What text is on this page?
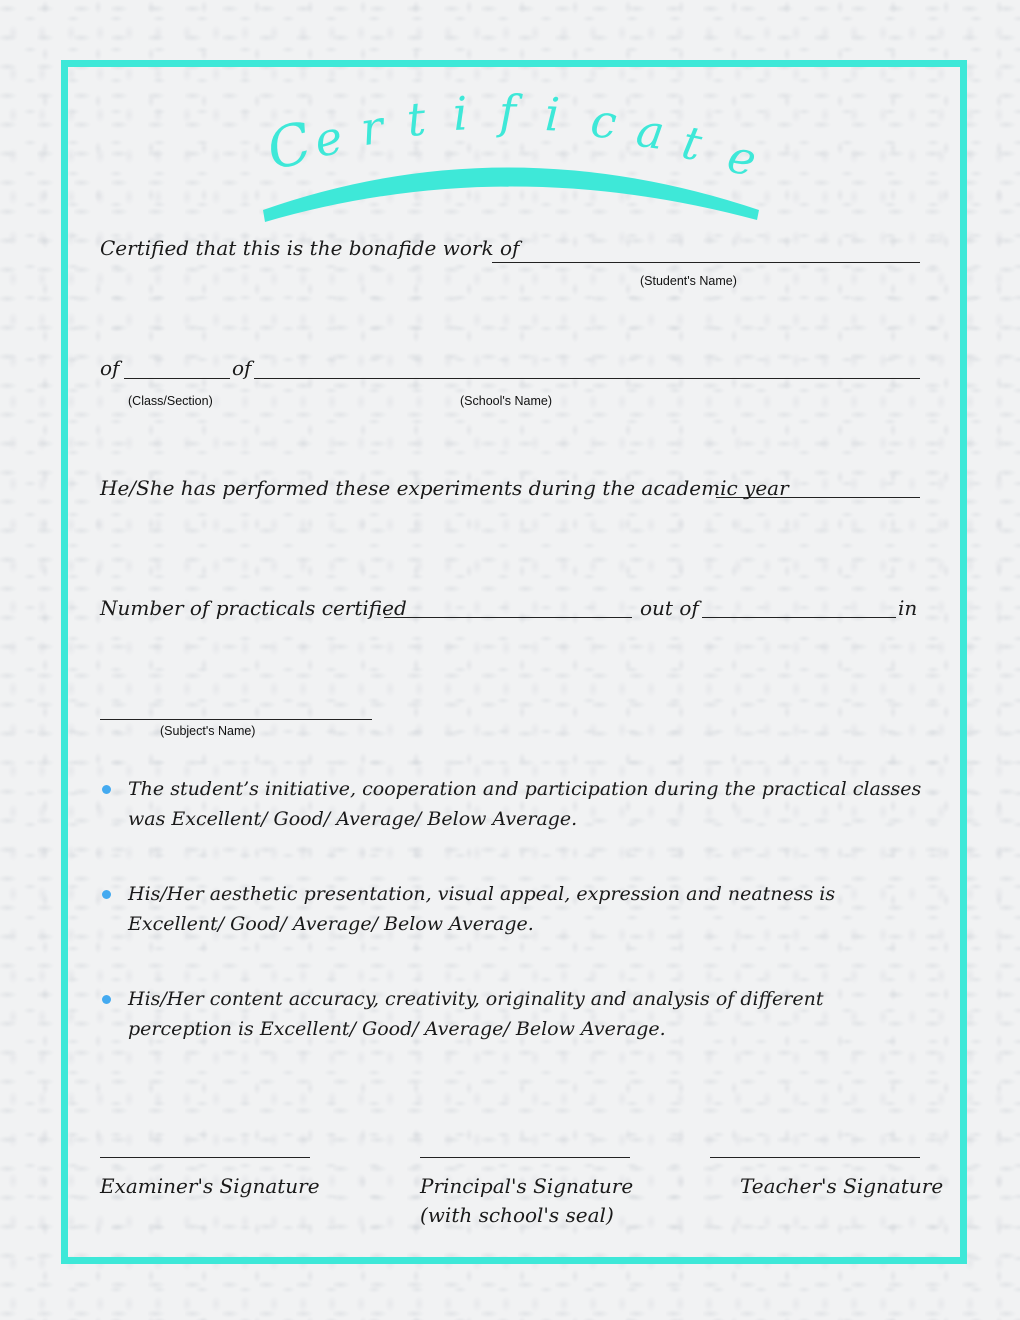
C
e r t i f i c a t e
Certified that this is the bonafide work of
(Student's Name)
of	of
(Class/Section)	(School's Name)
He/She has performed these experiments during the academic year
Number of practicals certified	out of	in
(Subject's Name)
The student’s initiative, cooperation and participation during the practical classes was Excellent/ Good/ Average/ Below Average.
His/Her aesthetic presentation, visual appeal, expression and neatness is Excellent/ Good/ Average/ Below Average.
His/Her content accuracy, creativity, originality and analysis of different perception is Excellent/ Good/ Average/ Below Average.
Examiner's Signature	Principal's Signature
(with school's seal)
Teacher's Signature
